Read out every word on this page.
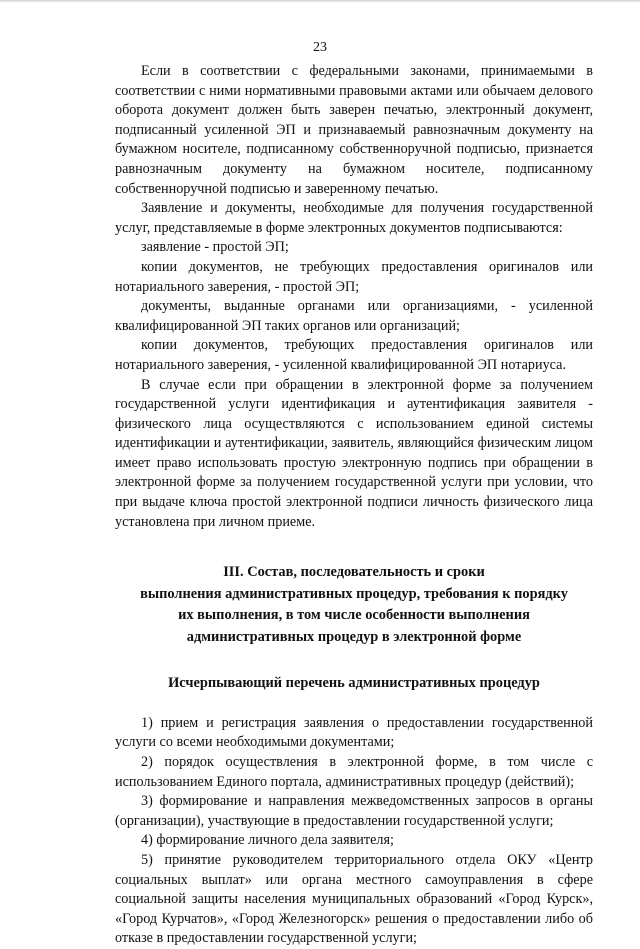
23

Если в соответствии с федеральными законами, принимаемыми в соответствии с ними нормативными правовыми актами или обычаем делового оборота документ должен быть заверен печатью, электронный документ, подписанный усиленной ЭП и признаваемый равнозначным документу на бумажном носителе, подписанному собственноручной подписью, признается равнозначным документу на бумажном носителе, подписанному собственноручной подписью и заверенному печатью.

Заявление и документы, необходимые для получения государственной услуг, представляемые в форме электронных документов подписываются:

заявление - простой ЭП;

копии документов, не требующих предоставления оригиналов или нотариального заверения, - простой ЭП;

документы, выданные органами или организациями, - усиленной квалифицированной ЭП таких органов или организаций;

копии документов, требующих предоставления оригиналов или нотариального заверения, - усиленной квалифицированной ЭП нотариуса.

В случае если при обращении в электронной форме за получением государственной услуги идентификация и аутентификация заявителя - физического лица осуществляются с использованием единой системы идентификации и аутентификации, заявитель, являющийся физическим лицом имеет право использовать простую электронную подпись при обращении в электронной форме за получением государственной услуги при условии, что при выдаче ключа простой электронной подписи личность физического лица установлена при личном приеме.

III. Состав, последовательность и сроки
выполнения административных процедур, требования к порядку
их выполнения, в том числе особенности выполнения
административных процедур в электронной форме
Исчерпывающий перечень административных процедур

1) прием и регистрация заявления о предоставлении государственной услуги со всеми необходимыми документами;

2) порядок осуществления в электронной форме, в том числе с использованием Единого портала, административных процедур (действий);

3) формирование и направления межведомственных запросов в органы (организации), участвующие в предоставлении государственной услуги;

4) формирование личного дела заявителя;

5) принятие руководителем территориального отдела ОКУ «Центр социальных выплат» или органа местного самоуправления в сфере социальной защиты населения муниципальных образований «Город Курск», «Город Курчатов», «Город Железногорск» решения о предоставлении либо об отказе в предоставлении государственной услуги;
